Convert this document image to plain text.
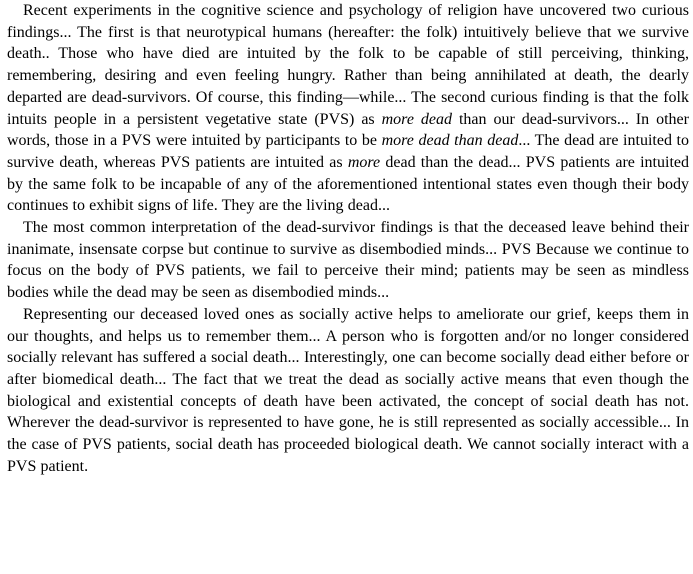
Recent experiments in the cognitive science and psychology of religion have uncovered two curious findings... The first is that neurotypical humans (hereafter: the folk) intuitively believe that we survive death.. Those who have died are intuited by the folk to be capable of still perceiving, thinking, remembering, desiring and even feeling hungry. Rather than being annihilated at death, the dearly departed are dead-survivors. Of course, this finding—while... The second curious finding is that the folk intuits people in a persistent vegetative state (PVS) as more dead than our dead-survivors... In other words, those in a PVS were intuited by participants to be more dead than dead... The dead are intuited to survive death, whereas PVS patients are intuited as more dead than the dead... PVS patients are intuited by the same folk to be incapable of any of the aforementioned intentional states even though their body continues to exhibit signs of life. They are the living dead...

The most common interpretation of the dead-survivor findings is that the deceased leave behind their inanimate, insensate corpse but continue to survive as disembodied minds... PVS Because we continue to focus on the body of PVS patients, we fail to perceive their mind; patients may be seen as mindless bodies while the dead may be seen as disembodied minds...

Representing our deceased loved ones as socially active helps to ameliorate our grief, keeps them in our thoughts, and helps us to remember them... A person who is forgotten and/or no longer considered socially relevant has suffered a social death... Interestingly, one can become socially dead either before or after biomedical death... The fact that we treat the dead as socially active means that even though the biological and existential concepts of death have been activated, the concept of social death has not. Wherever the dead-survivor is represented to have gone, he is still represented as socially accessible... In the case of PVS patients, social death has proceeded biological death. We cannot socially interact with a PVS patient.
